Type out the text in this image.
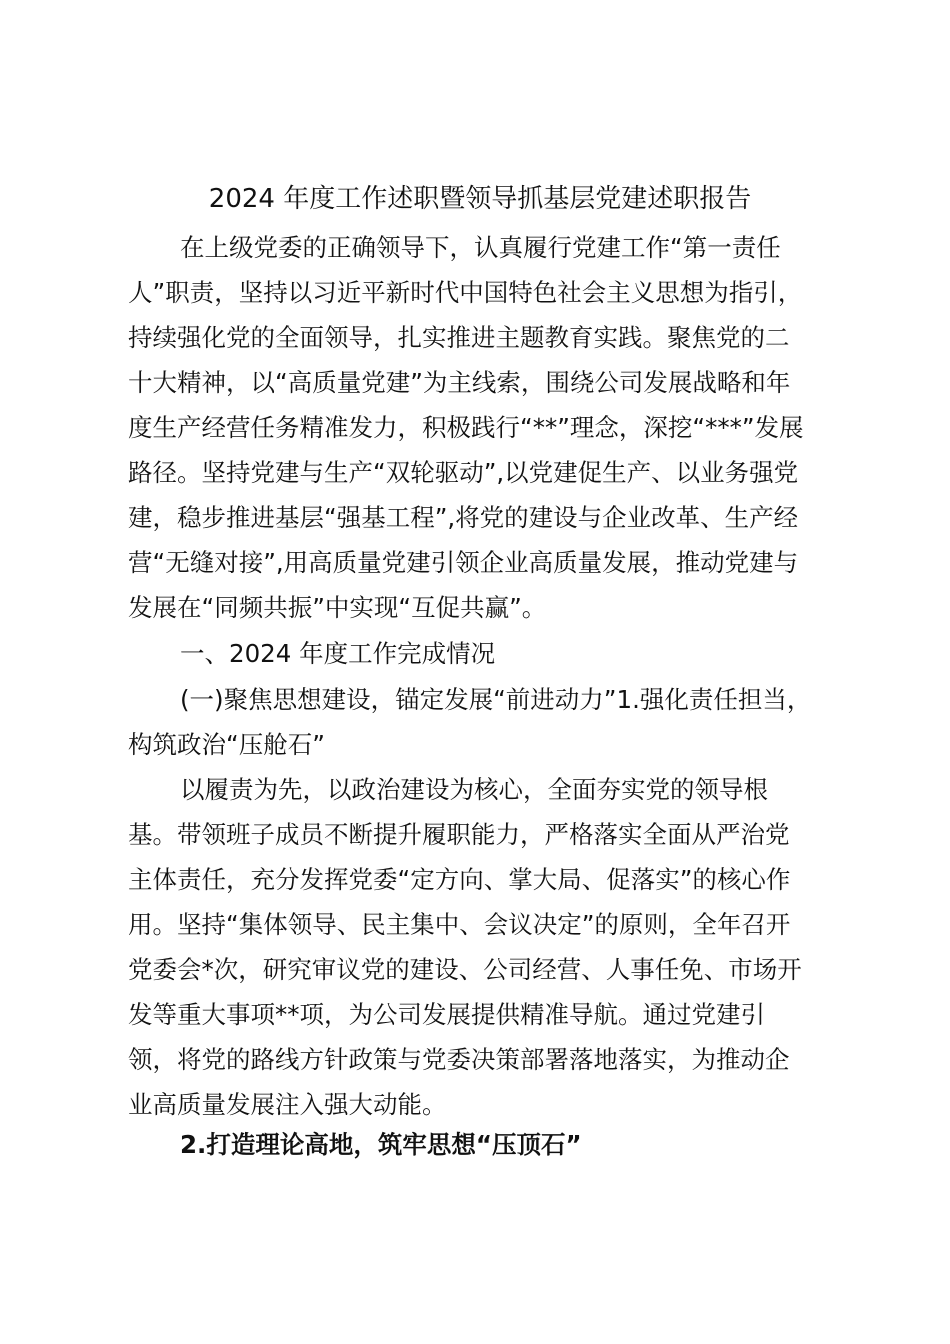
2024 年度工作述职暨领导抓基层党建述职报告
在上级党委的正确领导下，认真履行党建工作“第一责任
人”职责，坚持以习近平新时代中国特色社会主义思想为指引，
持续强化党的全面领导，扎实推进主题教育实践。聚焦党的二
十大精神，以“高质量党建”为主线索，围绕公司发展战略和年
度生产经营任务精准发力，积极践行“**”理念，深挖“***”发展
路径。坚持党建与生产“双轮驱动”,以党建促生产、以业务强党
建，稳步推进基层“强基工程”,将党的建设与企业改革、生产经
营“无缝对接”,用高质量党建引领企业高质量发展，推动党建与
发展在“同频共振”中实现“互促共赢”。
一、2024 年度工作完成情况
(一)聚焦思想建设，锚定发展“前进动力”1.强化责任担当，
构筑政治“压舱石”
以履责为先，以政治建设为核心，全面夯实党的领导根
基。带领班子成员不断提升履职能力，严格落实全面从严治党
主体责任，充分发挥党委“定方向、掌大局、促落实”的核心作
用。坚持“集体领导、民主集中、会议决定”的原则，全年召开
党委会*次，研究审议党的建设、公司经营、人事任免、市场开
发等重大事项**项，为公司发展提供精准导航。通过党建引
领，将党的路线方针政策与党委决策部署落地落实，为推动企
业高质量发展注入强大动能。
2.打造理论高地，筑牢思想“压顶石”
